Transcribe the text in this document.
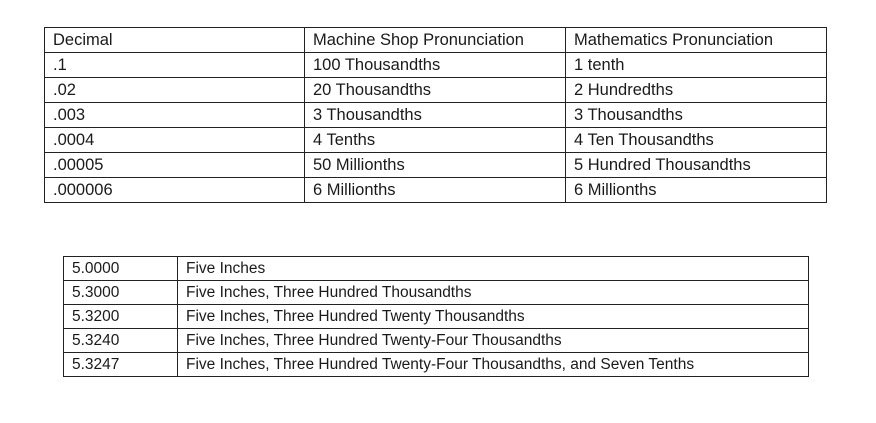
Decimal	Machine Shop Pronunciation	Mathematics Pronunciation
.1	100 Thousandths	1 tenth
.02	20 Thousandths	2 Hundredths
.003	3 Thousandths	3 Thousandths
.0004	4 Tenths	4 Ten Thousandths
.00005	50 Millionths	5 Hundred Thousandths
.000006	6 Millionths	6 Millionths
5.0000	Five Inches
5.3000	Five Inches, Three Hundred Thousandths
5.3200	Five Inches, Three Hundred Twenty Thousandths
5.3240	Five Inches, Three Hundred Twenty-Four Thousandths
5.3247	Five Inches, Three Hundred Twenty-Four Thousandths, and Seven Tenths
